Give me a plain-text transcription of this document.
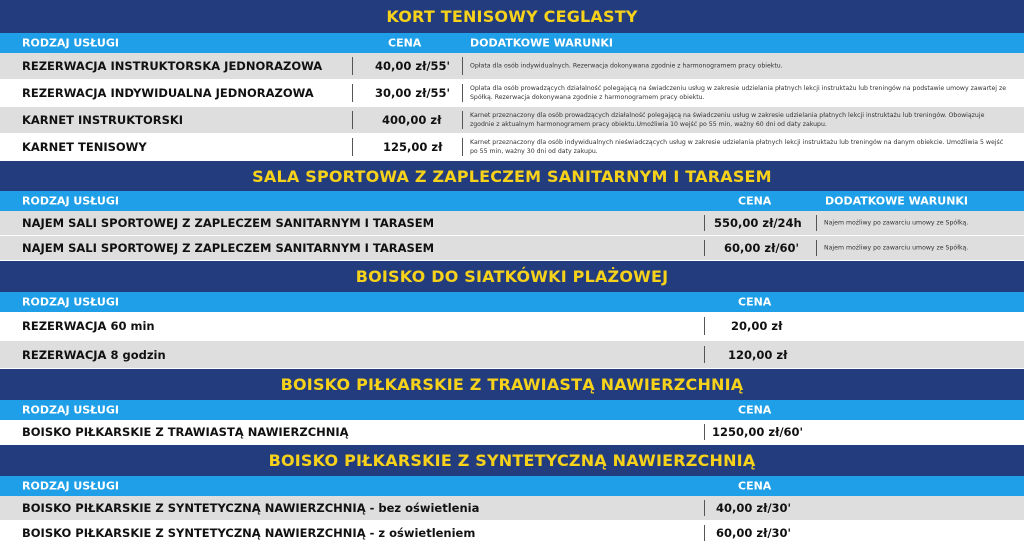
KORT TENISOWY CEGLASTY
RODZAJ USŁUGI	CENA	DODATKOWE WARUNKI
REZERWACJA INSTRUKTORSKA JEDNORAZOWA	40,00 zł/55'	Opłata dla osób indywidualnych. Rezerwacja dokonywana zgodnie z harmonogramem pracy obiektu.
REZERWACJA INDYWIDUALNA JEDNORAZOWA	30,00 zł/55'	Oplata dla osób prowadzących działalność polegającą na świadczeniu usług w zakresie udzielania płatnych lekcji instruktażu lub treningów na podstawie umowy zawartej ze Spółką. Rezerwacja dokonywana zgodnie z harmonogramem pracy obiektu.
KARNET INSTRUKTORSKI	400,00 zł	Karnet przeznaczony dla osób prowadzących działalność polegającą na świadczeniu usług w zakresie udzielania płatnych lekcji instruktażu lub treningów. Obowiązuje zgodnie z aktualnym harmonogramem pracy obiektu.Umożliwia 10 wejść po 55 min, ważny 60 dni od daty zakupu.
KARNET TENISOWY	125,00 zł	Karnet przeznaczony dla osób indywidualnych nieświadczących usług w zakresie udzielania płatnych lekcji instruktażu lub treningów na danym obiekcie. Umożliwia 5 wejść po 55 min, ważny 30 dni od daty zakupu.
SALA SPORTOWA Z ZAPLECZEM SANITARNYM I TARASEM
RODZAJ USŁUGI	CENA	DODATKOWE WARUNKI
NAJEM SALI SPORTOWEJ Z ZAPLECZEM SANITARNYM I TARASEM	550,00 zł/24h	Najem możliwy po zawarciu umowy ze Spółką.
NAJEM SALI SPORTOWEJ Z ZAPLECZEM SANITARNYM I TARASEM	60,00 zł/60'	Najem możliwy po zawarciu umowy ze Spółką.
BOISKO DO SIATKÓWKI PLAŻOWEJ
RODZAJ USŁUGI	CENA
REZERWACJA 60 min	20,00 zł
REZERWACJA 8 godzin	120,00 zł
BOISKO PIŁKARSKIE Z TRAWIASTĄ NAWIERZCHNIĄ
RODZAJ USŁUGI	CENA
BOISKO PIŁKARSKIE Z TRAWIASTĄ NAWIERZCHNIĄ	1250,00 zł/60'
BOISKO PIŁKARSKIE Z SYNTETYCZNĄ NAWIERZCHNIĄ
RODZAJ USŁUGI	CENA
BOISKO PIŁKARSKIE Z SYNTETYCZNĄ NAWIERZCHNIĄ - bez oświetlenia	40,00 zł/30'
BOISKO PIŁKARSKIE Z SYNTETYCZNĄ NAWIERZCHNIĄ - z oświetleniem	60,00 zł/30'
